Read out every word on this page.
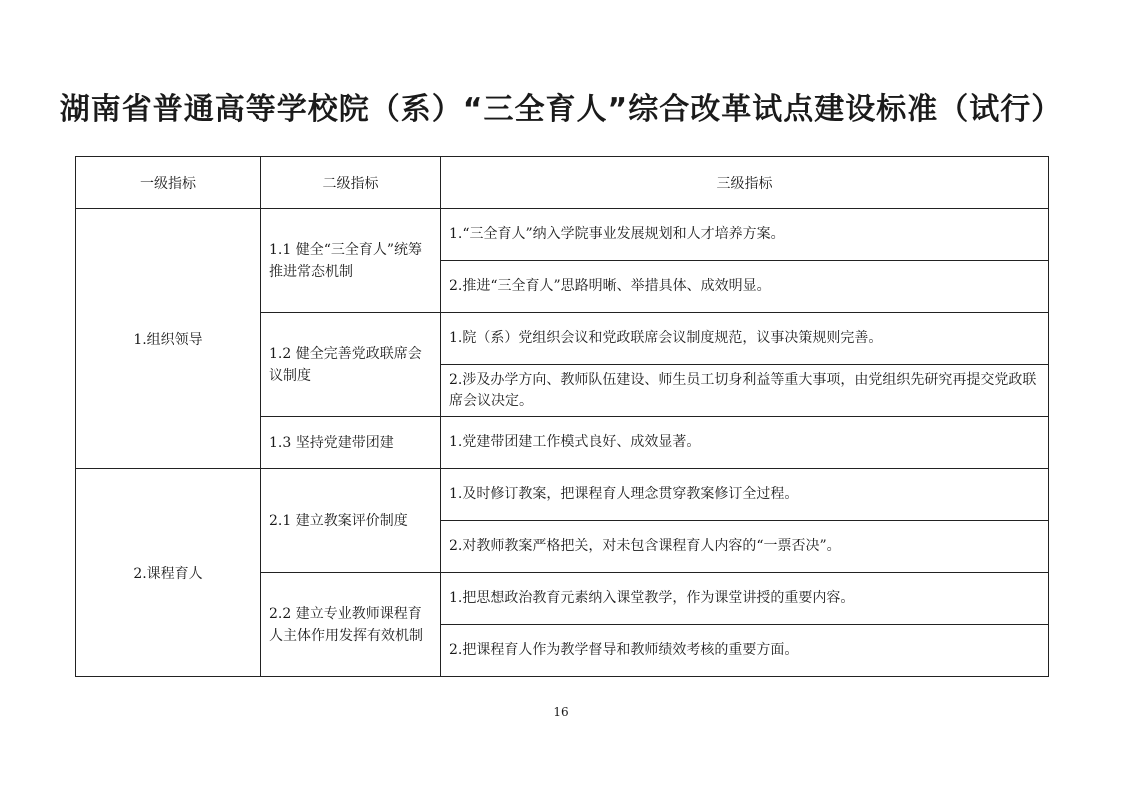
湖南省普通高等学校院（系）“三全育人”综合改革试点建设标准（试行）
一级指标	二级指标	三级指标
1.组织领导	1.1 健全“三全育人”统筹推进常态机制	1.“三全育人”纳入学院事业发展规划和人才培养方案。
		2.推进“三全育人”思路明晰、举措具体、成效明显。
	1.2 健全完善党政联席会议制度	1.院（系）党组织会议和党政联席会议制度规范，议事决策规则完善。
		2.涉及办学方向、教师队伍建设、师生员工切身利益等重大事项，由党组织先研究再提交党政联席会议决定。
	1.3 坚持党建带团建	1.党建带团建工作模式良好、成效显著。
2.课程育人	2.1 建立教案评价制度	1.及时修订教案，把课程育人理念贯穿教案修订全过程。
		2.对教师教案严格把关，对未包含课程育人内容的“一票否决”。
	2.2 建立专业教师课程育人主体作用发挥有效机制	1.把思想政治教育元素纳入课堂教学，作为课堂讲授的重要内容。
		2.把课程育人作为教学督导和教师绩效考核的重要方面。
16
